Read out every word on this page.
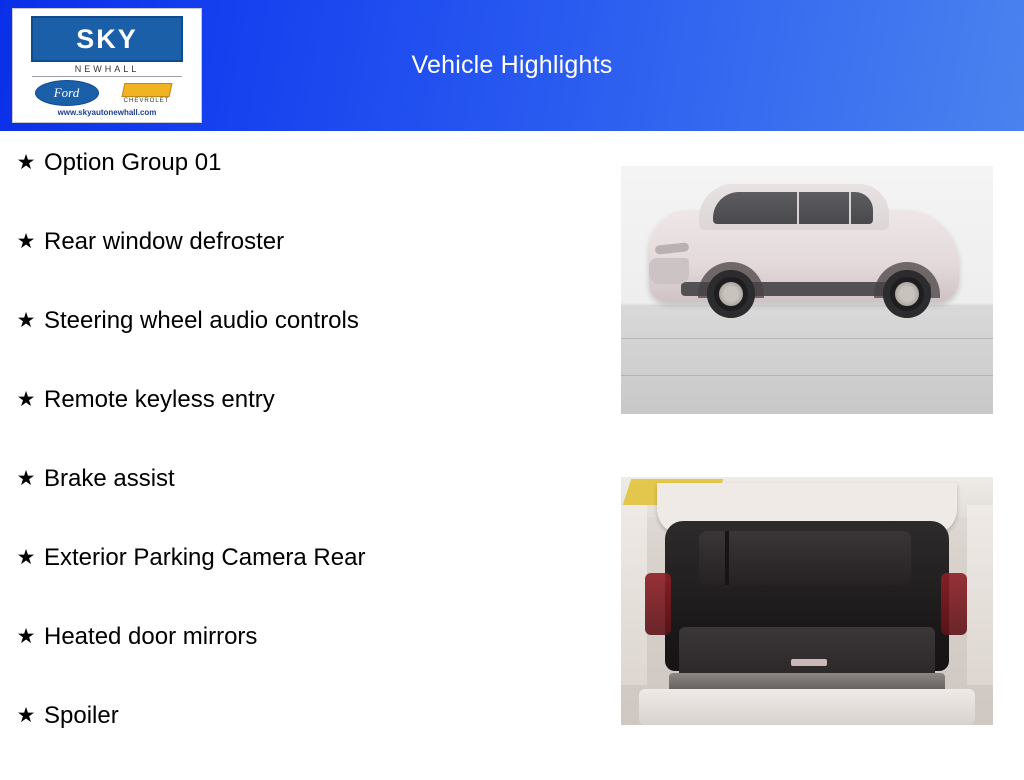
Vehicle Highlights
SKY
NEWHALL
Ford
CHEVROLET
www.skyautonewhall.com
★ Option Group 01
★ Rear window defroster
★ Steering wheel audio controls
★ Remote keyless entry
★ Brake assist
★ Exterior Parking Camera Rear
★ Heated door mirrors
★ Spoiler
